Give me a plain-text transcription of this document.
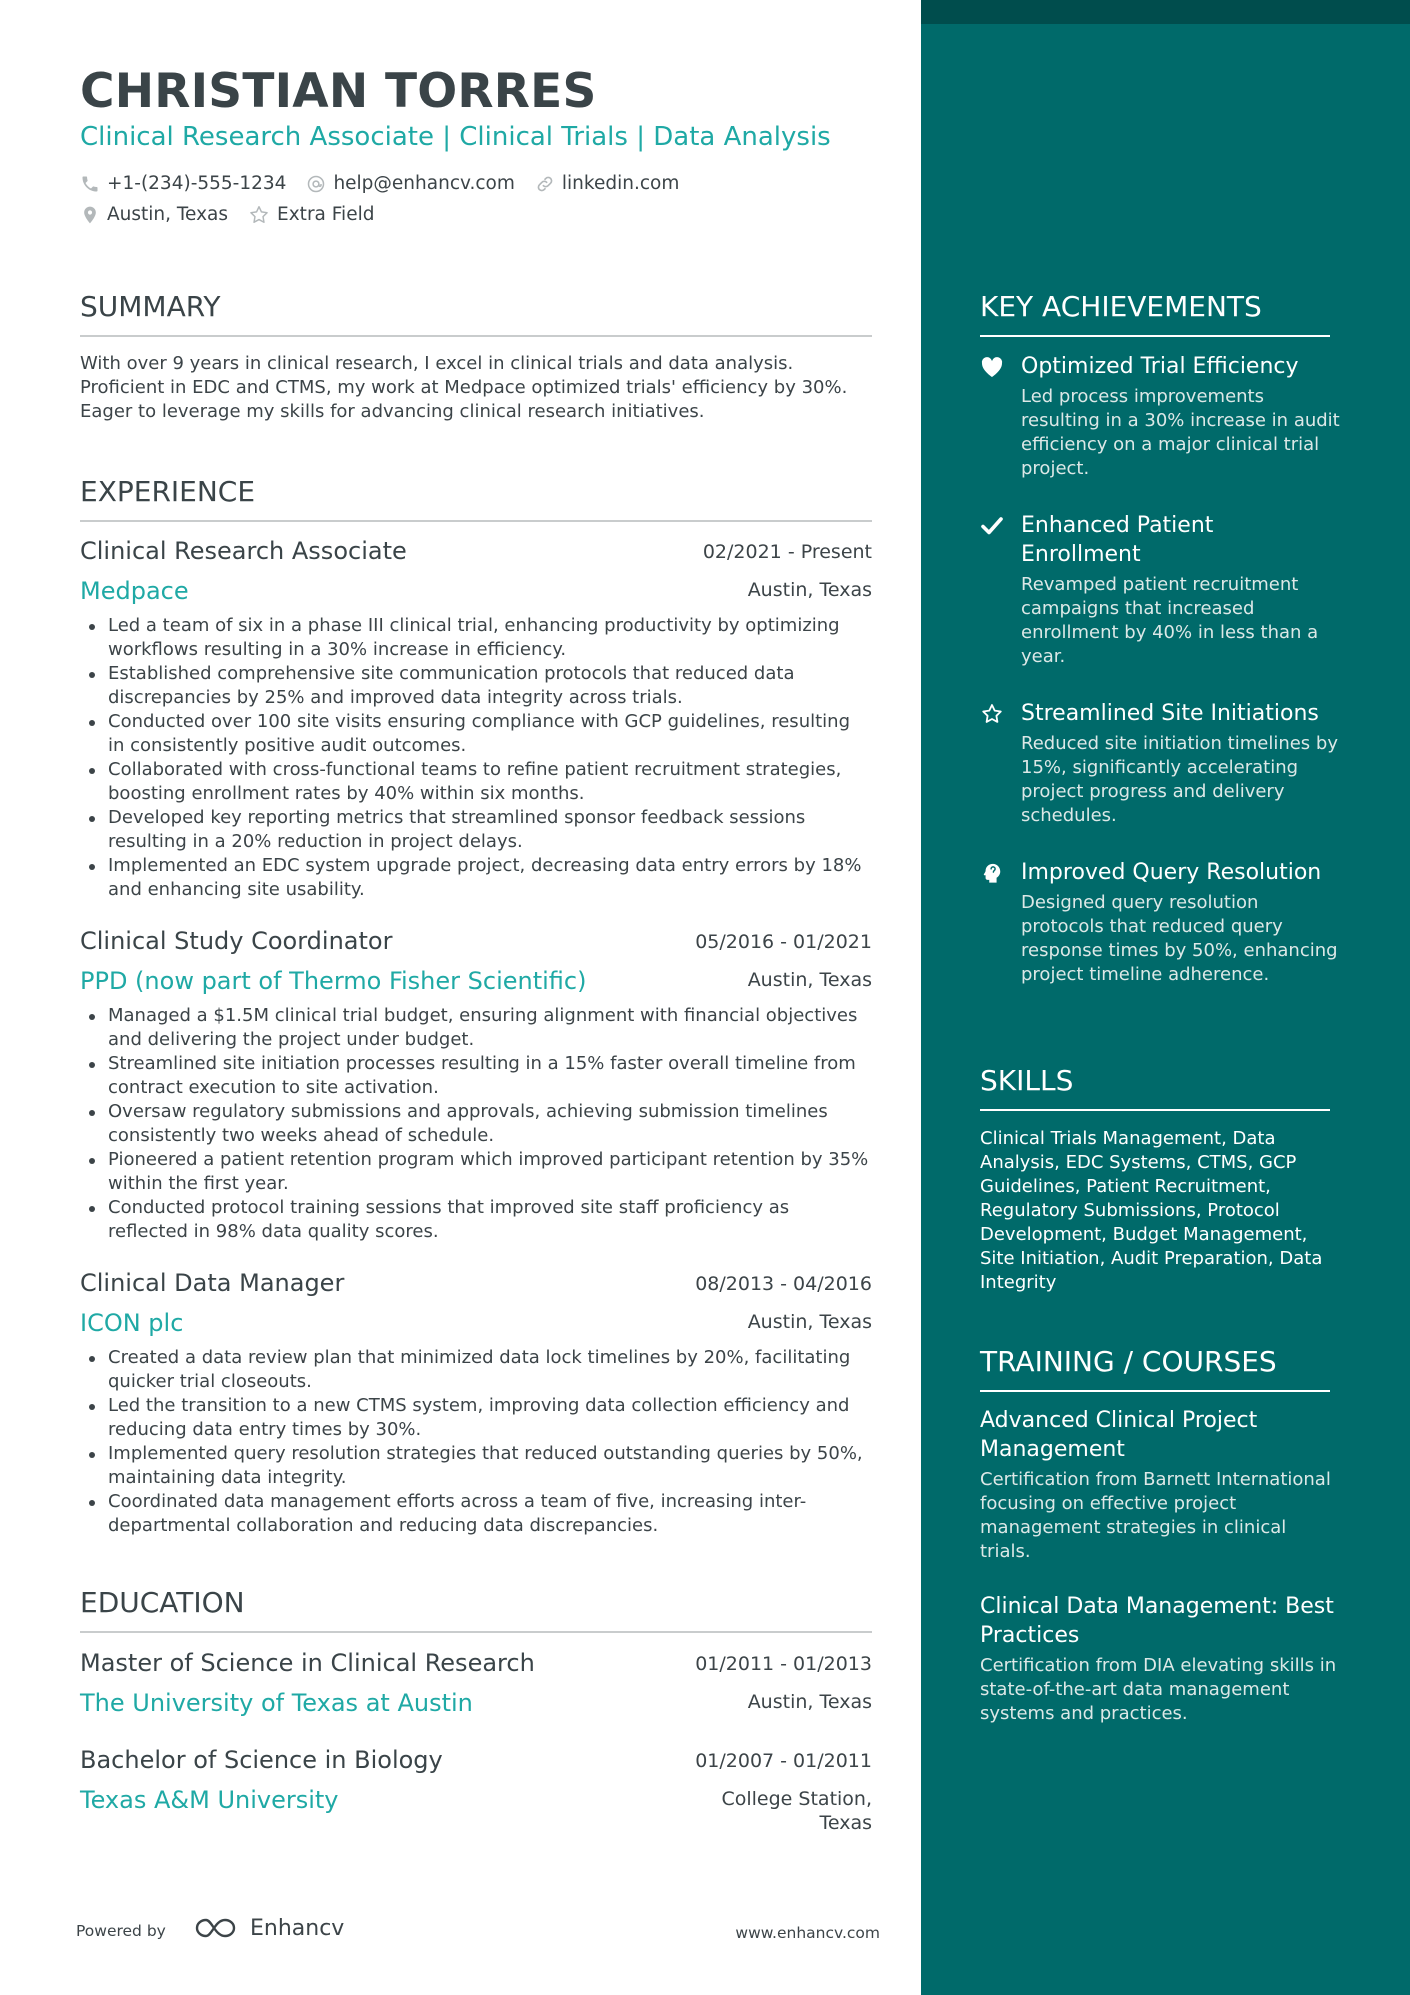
CHRISTIAN TORRES
Clinical Research Associate | Clinical Trials | Data Analysis
+1-(234)-555-1234	help@enhancv.com	linkedin.com
Austin, Texas	Extra Field
SUMMARY
With over 9 years in clinical research, I excel in clinical trials and data analysis. Proficient in EDC and CTMS, my work at Medpace optimized trials' efficiency by 30%. Eager to leverage my skills for advancing clinical research initiatives.
EXPERIENCE
Clinical Research Associate	02/2021 - Present
Medpace	Austin, Texas
Led a team of six in a phase III clinical trial, enhancing productivity by optimizing workflows resulting in a 30% increase in efficiency.
Established comprehensive site communication protocols that reduced data discrepancies by 25% and improved data integrity across trials.
Conducted over 100 site visits ensuring compliance with GCP guidelines, resulting in consistently positive audit outcomes.
Collaborated with cross-functional teams to refine patient recruitment strategies, boosting enrollment rates by 40% within six months.
Developed key reporting metrics that streamlined sponsor feedback sessions resulting in a 20% reduction in project delays.
Implemented an EDC system upgrade project, decreasing data entry errors by 18% and enhancing site usability.
Clinical Study Coordinator	05/2016 - 01/2021
PPD (now part of Thermo Fisher Scientific)	Austin, Texas
Managed a $1.5M clinical trial budget, ensuring alignment with financial objectives and delivering the project under budget.
Streamlined site initiation processes resulting in a 15% faster overall timeline from contract execution to site activation.
Oversaw regulatory submissions and approvals, achieving submission timelines consistently two weeks ahead of schedule.
Pioneered a patient retention program which improved participant retention by 35% within the first year.
Conducted protocol training sessions that improved site staff proficiency as reflected in 98% data quality scores.
Clinical Data Manager	08/2013 - 04/2016
ICON plc	Austin, Texas
Created a data review plan that minimized data lock timelines by 20%, facilitating quicker trial closeouts.
Led the transition to a new CTMS system, improving data collection efficiency and reducing data entry times by 30%.
Implemented query resolution strategies that reduced outstanding queries by 50%, maintaining data integrity.
Coordinated data management efforts across a team of five, increasing inter-departmental collaboration and reducing data discrepancies.
EDUCATION
Master of Science in Clinical Research	01/2011 - 01/2013
The University of Texas at Austin	Austin, Texas
Bachelor of Science in Biology	01/2007 - 01/2011
Texas A&M University	College Station,
Texas
Powered by	Enhancv	www.enhancv.com
KEY ACHIEVEMENTS
Optimized Trial Efficiency
Led process improvements resulting in a 30% increase in audit efficiency on a major clinical trial project.
Enhanced Patient Enrollment
Revamped patient recruitment campaigns that increased enrollment by 40% in less than a year.
Streamlined Site Initiations
Reduced site initiation timelines by 15%, significantly accelerating project progress and delivery schedules.
Improved Query Resolution
Designed query resolution protocols that reduced query response times by 50%, enhancing project timeline adherence.
SKILLS
Clinical Trials Management, Data Analysis, EDC Systems, CTMS, GCP Guidelines, Patient Recruitment, Regulatory Submissions, Protocol Development, Budget Management, Site Initiation, Audit Preparation, Data Integrity
TRAINING / COURSES
Advanced Clinical Project Management
Certification from Barnett International focusing on effective project management strategies in clinical trials.
Clinical Data Management: Best Practices
Certification from DIA elevating skills in state-of-the-art data management systems and practices.
